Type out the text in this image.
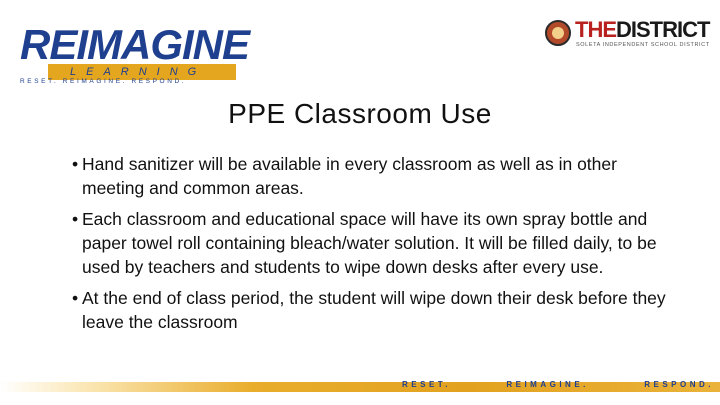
REIMAGINE
LEARNING
RESET. REIMAGINE. RESPOND.
THEDISTRICT
SOLETA INDEPENDENT SCHOOL DISTRICT
PPE Classroom Use
• Hand sanitizer will be available in every classroom as well as in other meeting and common areas.
• Each classroom and educational space will have its own spray bottle and paper towel roll containing bleach/water solution. It will be filled daily, to be used by teachers and students to wipe down desks after every use.
• At the end of class period, the student will wipe down their desk before they leave the classroom
RESET.	REIMAGINE.	RESPOND.
